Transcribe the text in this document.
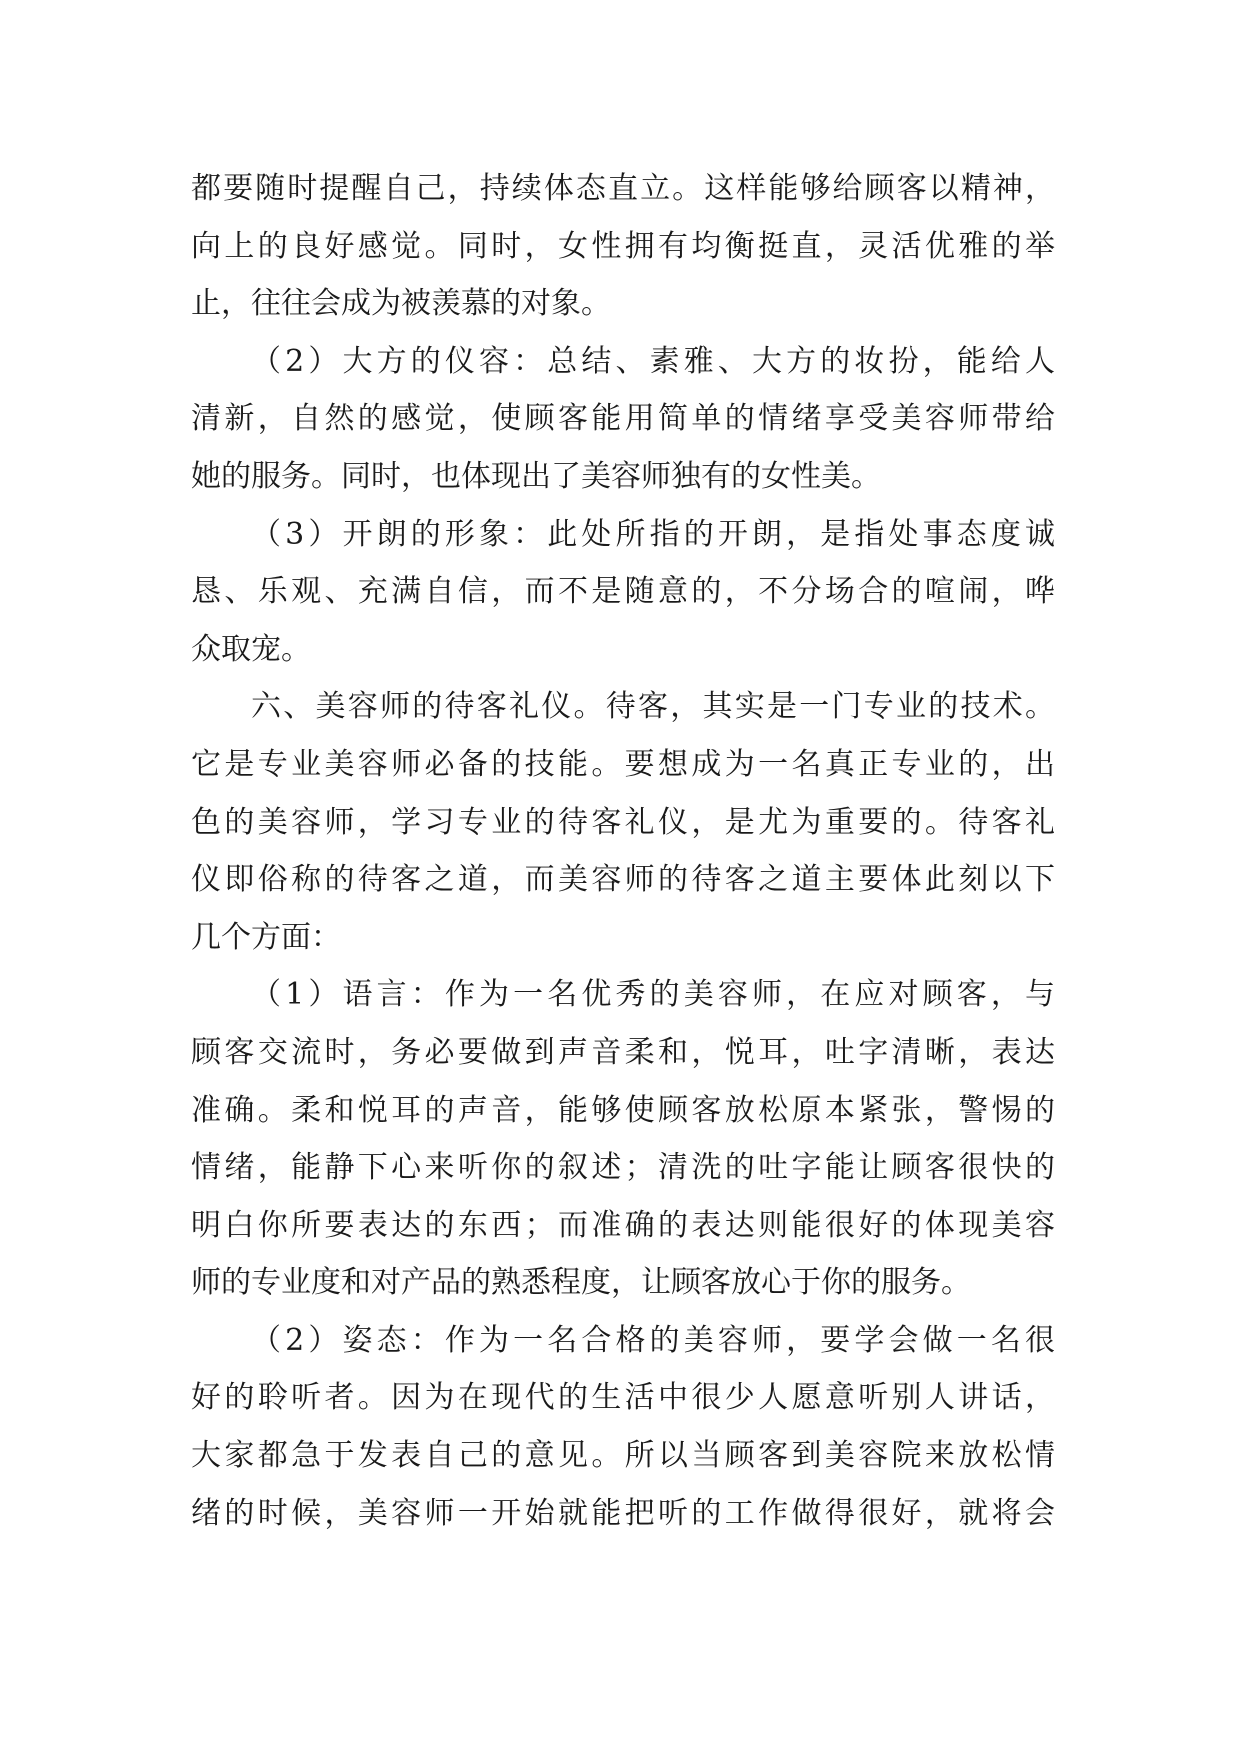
都要随时提醒自己，持续体态直立。这样能够给顾客以精神，
向上的良好感觉。同时，女性拥有均衡挺直，灵活优雅的举
止，往往会成为被羡慕的对象。
（2）大方的仪容：总结、素雅、大方的妆扮，能给人
清新，自然的感觉，使顾客能用简单的情绪享受美容师带给
她的服务。同时，也体现出了美容师独有的女性美。
（3）开朗的形象：此处所指的开朗，是指处事态度诚
恳、乐观、充满自信，而不是随意的，不分场合的喧闹，哗
众取宠。
六、美容师的待客礼仪。待客，其实是一门专业的技术。
它是专业美容师必备的技能。要想成为一名真正专业的，出
色的美容师，学习专业的待客礼仪，是尤为重要的。待客礼
仪即俗称的待客之道，而美容师的待客之道主要体此刻以下
几个方面：
（1）语言：作为一名优秀的美容师，在应对顾客，与
顾客交流时，务必要做到声音柔和，悦耳，吐字清晰，表达
准确。柔和悦耳的声音，能够使顾客放松原本紧张，警惕的
情绪，能静下心来听你的叙述；清洗的吐字能让顾客很快的
明白你所要表达的东西；而准确的表达则能很好的体现美容
师的专业度和对产品的熟悉程度，让顾客放心于你的服务。
（2）姿态：作为一名合格的美容师，要学会做一名很
好的聆听者。因为在现代的生活中很少人愿意听别人讲话，
大家都急于发表自己的意见。所以当顾客到美容院来放松情
绪的时候，美容师一开始就能把听的工作做得很好，就将会
